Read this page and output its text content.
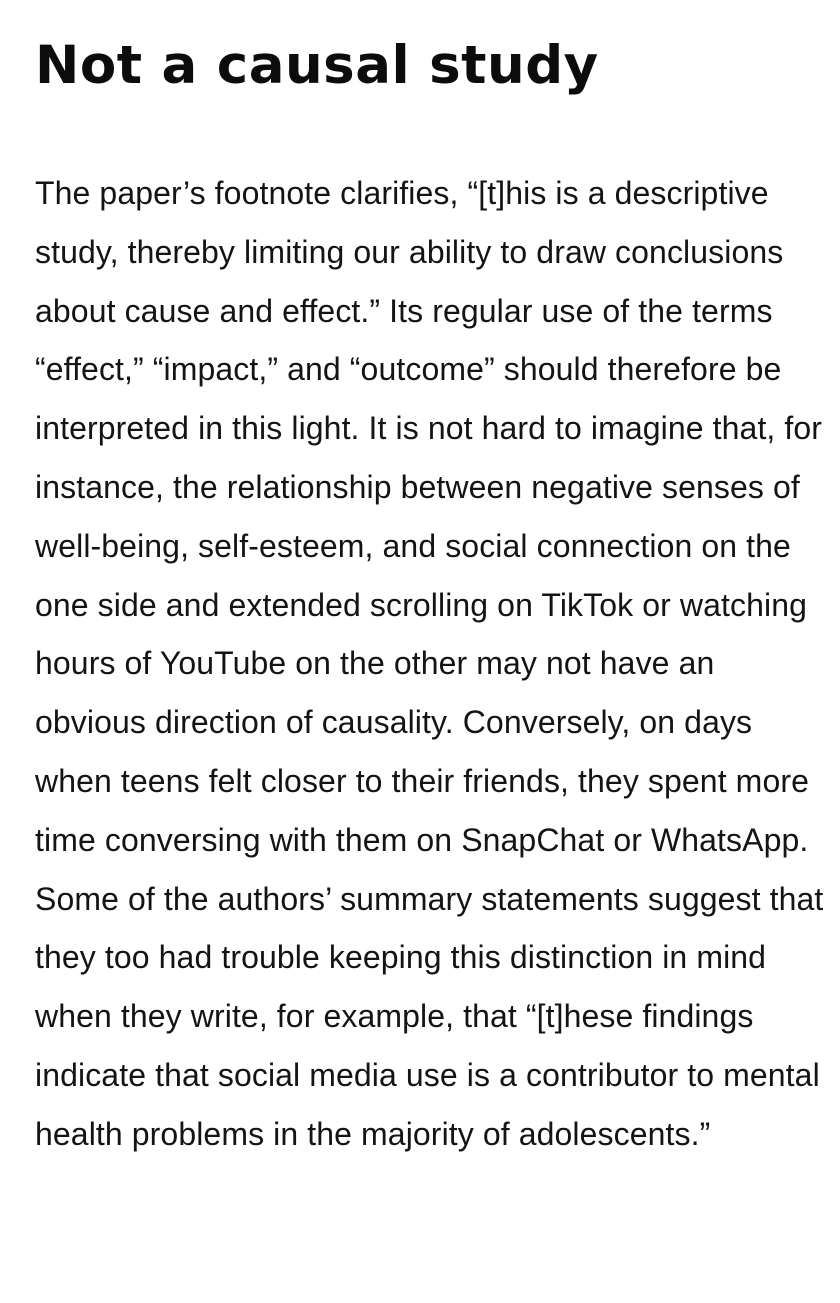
Not a causal study

The paper’s footnote clarifies, “[t]his is a descriptive study, thereby limiting our ability to draw conclusions about cause and effect.” Its regular use of the terms “effect,” “impact,” and “outcome” should therefore be interpreted in this light. It is not hard to imagine that, for instance, the relationship between negative senses of well-being, self-esteem, and social connection on the one side and extended scrolling on TikTok or watching hours of YouTube on the other may not have an obvious direction of causality. Conversely, on days when teens felt closer to their friends, they spent more time conversing with them on SnapChat or WhatsApp. Some of the authors’ summary statements suggest that they too had trouble keeping this distinction in mind when they write, for example, that “[t]hese findings indicate that social media use is a contributor to mental health problems in the majority of adolescents.”
